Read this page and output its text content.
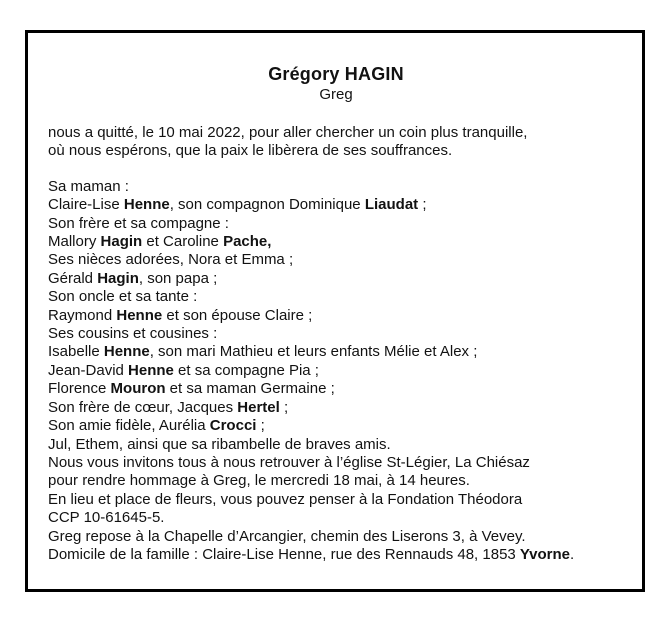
Grégory HAGIN
Greg
nous a quitté, le 10 mai 2022, pour aller chercher un coin plus tranquille,
où nous espérons, que la paix le libèrera de ses souffrances.
Sa maman :
Claire-Lise Henne, son compagnon Dominique Liaudat ;
Son frère et sa compagne :
Mallory Hagin et Caroline Pache,
Ses nièces adorées, Nora et Emma ;
Gérald Hagin, son papa ;
Son oncle et sa tante :
Raymond Henne et son épouse Claire ;
Ses cousins et cousines :
Isabelle Henne, son mari Mathieu et leurs enfants Mélie et Alex ;
Jean-David Henne et sa compagne Pia ;
Florence Mouron et sa maman Germaine ;
Son frère de cœur, Jacques Hertel ;
Son amie fidèle, Aurélia Crocci ;
Jul, Ethem, ainsi que sa ribambelle de braves amis.
Nous vous invitons tous à nous retrouver à l’église St-Légier, La Chiésaz
pour rendre hommage à Greg, le mercredi 18 mai, à 14 heures.
En lieu et place de fleurs, vous pouvez penser à la Fondation Théodora
CCP 10-61645-5.
Greg repose à la Chapelle d’Arcangier, chemin des Liserons 3, à Vevey.
Domicile de la famille : Claire-Lise Henne, rue des Rennauds 48, 1853 Yvorne.
